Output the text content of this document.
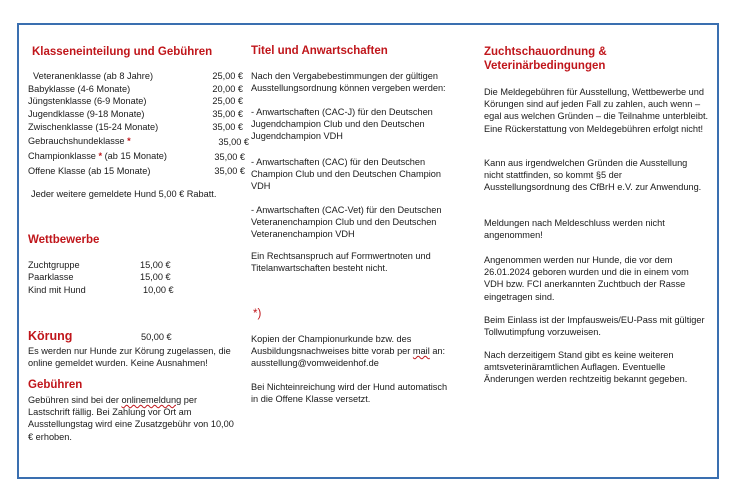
Klasseneinteilung und Gebühren
Veteranenklasse (ab 8 Jahre)	25,00 €
Babyklasse (4-6 Monate)	20,00 €
Jüngstenklasse (6-9 Monate)	25,00 €
Jugendklasse (9-18 Monate)	35,00 €
Zwischenklasse (15-24 Monate)	35,00 €
Gebrauchshundeklasse *	35,00 €
Championklasse * (ab 15 Monate)	35,00 €
Offene Klasse (ab 15 Monate)	35,00 €
Jeder weitere gemeldete Hund 5,00 € Rabatt.
Wettbewerbe
Zuchtgruppe	15,00 €
Paarklasse	15,00 €
Kind mit Hund	10,00 €
Körung	50,00 €
Es werden nur Hunde zur Körung zugelassen, die online gemeldet wurden. Keine Ausnahmen!
Gebühren
Gebühren sind bei der onlinemeldung per Lastschrift fällig. Bei Zahlung vor Ort am Ausstellungstag wird eine Zusatzgebühr von 10,00 € erhoben.
Titel und Anwartschaften
Nach den Vergabebestimmungen der gültigen Ausstellungsordnung können vergeben werden:
- Anwartschaften (CAC-J) für den Deutschen Jugendchampion Club und den Deutschen Jugendchampion VDH
- Anwartschaften (CAC) für den Deutschen Champion Club und den Deutschen Champion VDH
- Anwartschaften (CAC-Vet) für den Deutschen Veteranenchampion Club und den Deutschen Veteranenchampion VDH
Ein Rechtsanspruch auf Formwertnoten und Titelanwartschaften besteht nicht.
*)
Kopien der Championurkunde bzw. des Ausbildungsnachweises bitte vorab per mail an: ausstellung@vomweidenhof.de
Bei Nichteinreichung wird der Hund automatisch in die Offene Klasse versetzt.
Zuchtschauordnung & Veterinärbedingungen
Die Meldegebühren für Ausstellung, Wettbewerbe und Körungen sind auf jeden Fall zu zahlen, auch wenn – egal aus welchen Gründen – die Teilnahme unterbleibt. Eine Rückerstattung von Meldegebühren erfolgt nicht!
Kann aus irgendwelchen Gründen die Ausstellung nicht stattfinden, so kommt §5 der Ausstellungsordnung des CfBrH e.V. zur Anwendung.
Meldungen nach Meldeschluss werden nicht angenommen!
Angenommen werden nur Hunde, die vor dem 26.01.2024 geboren wurden und die in einem vom VDH bzw. FCI anerkannten Zuchtbuch der Rasse eingetragen sind.
Beim Einlass ist der Impfausweis/EU-Pass mit gültiger Tollwutimpfung vorzuweisen.
Nach derzeitigem Stand gibt es keine weiteren amtsveterinäramtlichen Auflagen. Eventuelle Änderungen werden rechtzeitig bekannt gegeben.
